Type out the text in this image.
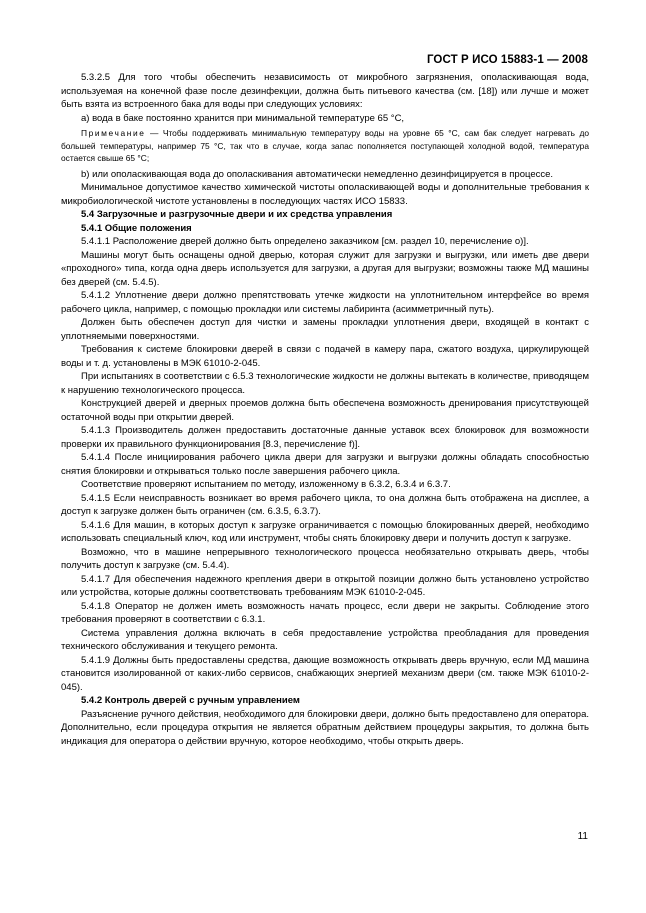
ГОСТ Р ИСО 15883-1 — 2008

5.3.2.5 Для того чтобы обеспечить независимость от микробного загрязнения, ополаскивающая вода, используемая на конечной фазе после дезинфекции, должна быть питьевого качества (см. [18]) или лучше и может быть взята из встроенного бака для воды при следующих условиях:

a) вода в баке постоянно хранится при минимальной температуре 65 °С,

Примечание — Чтобы поддерживать минимальную температуру воды на уровне 65 °С, сам бак следует нагревать до большей температуры, например 75 °С, так что в случае, когда запас пополняется поступающей холодной водой, температура остается свыше 65 °С;

b) или ополаскивающая вода до ополаскивания автоматически немедленно дезинфицируется в процессе.

Минимальное допустимое качество химической чистоты ополаскивающей воды и дополнительные требования к микробиологической чистоте установлены в последующих частях ИСО 15833.

5.4 Загрузочные и разгрузочные двери и их средства управления

5.4.1 Общие положения

5.4.1.1 Расположение дверей должно быть определено заказчиком [см. раздел 10, перечисление o)].

Машины могут быть оснащены одной дверью, которая служит для загрузки и выгрузки, или иметь две двери «проходного» типа, когда одна дверь используется для загрузки, а другая для выгрузки; возможны также МД машины без дверей (см. 5.4.5).

5.4.1.2 Уплотнение двери должно препятствовать утечке жидкости на уплотнительном интерфейсе во время рабочего цикла, например, с помощью прокладки или системы лабиринта (асимметричный путь).

Должен быть обеспечен доступ для чистки и замены прокладки уплотнения двери, входящей в контакт с уплотняемыми поверхностями.

Требования к системе блокировки дверей в связи с подачей в камеру пара, сжатого воздуха, циркулирующей воды и т. д. установлены в МЭК 61010-2-045.

При испытаниях в соответствии с 6.5.3 технологические жидкости не должны вытекать в количестве, приводящем к нарушению технологического процесса.

Конструкцией дверей и дверных проемов должна быть обеспечена возможность дренирования присутствующей остаточной воды при открытии дверей.

5.4.1.3 Производитель должен предоставить достаточные данные уставок всех блокировок для возможности проверки их правильного функционирования [8.3, перечисление f)].

5.4.1.4 После инициирования рабочего цикла двери для загрузки и выгрузки должны обладать способностью снятия блокировки и открываться только после завершения рабочего цикла.

Соответствие проверяют испытанием по методу, изложенному в 6.3.2, 6.3.4 и 6.3.7.

5.4.1.5 Если неисправность возникает во время рабочего цикла, то она должна быть отображена на дисплее, а доступ к загрузке должен быть ограничен (см. 6.3.5, 6.3.7).

5.4.1.6 Для машин, в которых доступ к загрузке ограничивается с помощью блокированных дверей, необходимо использовать специальный ключ, код или инструмент, чтобы снять блокировку двери и получить доступ к загрузке.

Возможно, что в машине непрерывного технологического процесса необязательно открывать дверь, чтобы получить доступ к загрузке (см. 5.4.4).

5.4.1.7 Для обеспечения надежного крепления двери в открытой позиции должно быть установлено устройство или устройства, которые должны соответствовать требованиям МЭК 61010-2-045.

5.4.1.8 Оператор не должен иметь возможность начать процесс, если двери не закрыты. Соблюдение этого требования проверяют в соответствии с 6.3.1.

Система управления должна включать в себя предоставление устройства преобладания для проведения технического обслуживания и текущего ремонта.

5.4.1.9 Должны быть предоставлены средства, дающие возможность открывать дверь вручную, если МД машина становится изолированной от каких-либо сервисов, снабжающих энергией механизм двери (см. также МЭК 61010-2-045).

5.4.2 Контроль дверей с ручным управлением

Разъяснение ручного действия, необходимого для блокировки двери, должно быть предоставлено для оператора. Дополнительно, если процедура открытия не является обратным действием процедуры закрытия, то должна быть индикация для оператора о действии вручную, которое необходимо, чтобы открыть дверь.

11
